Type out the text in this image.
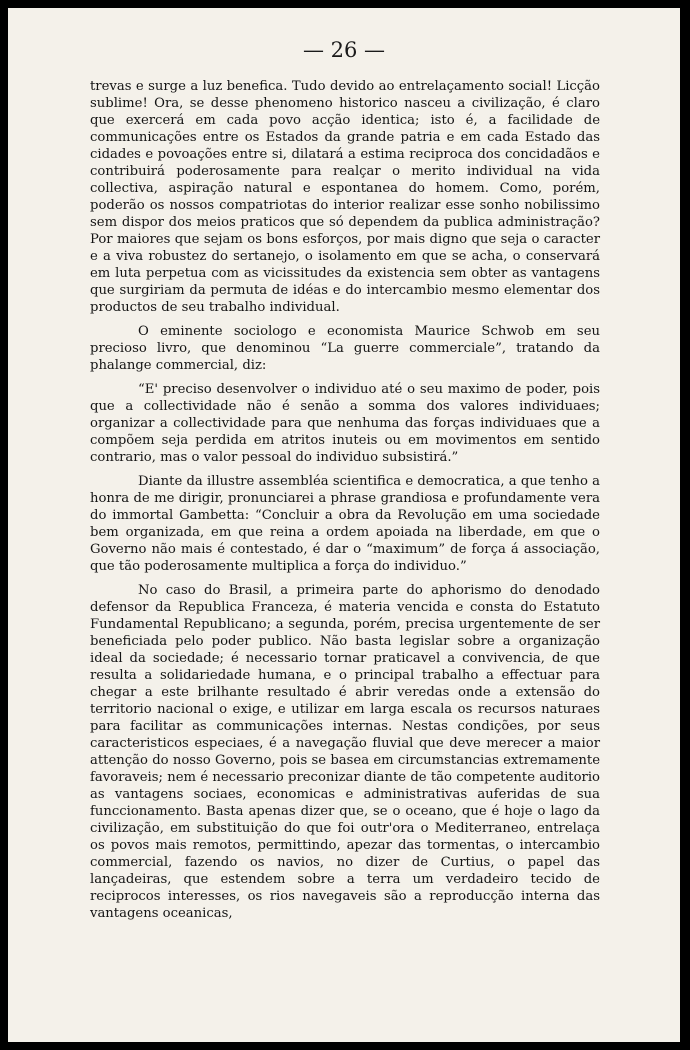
— 26 —

trevas e surge a luz benefica. Tudo devido ao entrelaçamento social! Licção sublime! Ora, se desse phenomeno historico nasceu a civilização, é claro que exercerá em cada povo acção identica; isto é, a facilidade de communicações entre os Estados da grande patria e em cada Estado das cidades e povoações entre si, dilatará a estima reciproca dos concidadãos e contribuirá poderosamente para realçar o merito individual na vida collectiva, aspiração natural e espontanea do homem. Como, porém, poderão os nossos compatriotas do interior realizar esse sonho nobilissimo sem dispor dos meios praticos que só dependem da publica administração? Por maiores que sejam os bons esforços, por mais digno que seja o caracter e a viva robustez do sertanejo, o isolamento em que se acha, o conservará em luta perpetua com as vicissitudes da existencia sem obter as vantagens que surgiriam da permuta de idéas e do intercambio mesmo elementar dos productos de seu trabalho individual.

O eminente sociologo e economista Maurice Schwob em seu precioso livro, que denominou “La guerre commerciale”, tratando da phalange commercial, diz:

“E' preciso desenvolver o individuo até o seu maximo de poder, pois que a collectividade não é senão a somma dos valores individuaes; organizar a collectividade para que nenhuma das forças individuaes que a compõem seja perdida em atritos inuteis ou em movimentos em sentido contrario, mas o valor pessoal do individuo subsistirá.”

Diante da illustre assembléa scientifica e democratica, a que tenho a honra de me dirigir, pronunciarei a phrase grandiosa e profundamente vera do immortal Gambetta: “Concluir a obra da Revolução em uma sociedade bem organizada, em que reina a ordem apoiada na liberdade, em que o Governo não mais é contestado, é dar o “maximum” de força á associação, que tão poderosamente multiplica a força do individuo.”

No caso do Brasil, a primeira parte do aphorismo do denodado defensor da Republica Franceza, é materia vencida e consta do Estatuto Fundamental Republicano; a segunda, porém, precisa urgentemente de ser beneficiada pelo poder publico. Não basta legislar sobre a organização ideal da sociedade; é necessario tornar praticavel a convivencia, de que resulta a solidariedade humana, e o principal trabalho a effectuar para chegar a este brilhante resultado é abrir veredas onde a extensão do territorio nacional o exige, e utilizar em larga escala os recursos naturaes para facilitar as communicações internas. Nestas condições, por seus caracteristicos especiaes, é a navegação fluvial que deve merecer a maior attenção do nosso Governo, pois se basea em circumstancias extremamente favoraveis; nem é necessario preconizar diante de tão competente auditorio as vantagens sociaes, economicas e administrativas auferidas de sua funccionamento. Basta apenas dizer que, se o oceano, que é hoje o lago da civilização, em substituição do que foi outr'ora o Mediterraneo, entrelaça os povos mais remotos, permittindo, apezar das tormentas, o intercambio commercial, fazendo os navios, no dizer de Curtius, o papel das lançadeiras, que estendem sobre a terra um verdadeiro tecido de reciprocos interesses, os rios navegaveis são a reproducção interna das vantagens oceanicas,
